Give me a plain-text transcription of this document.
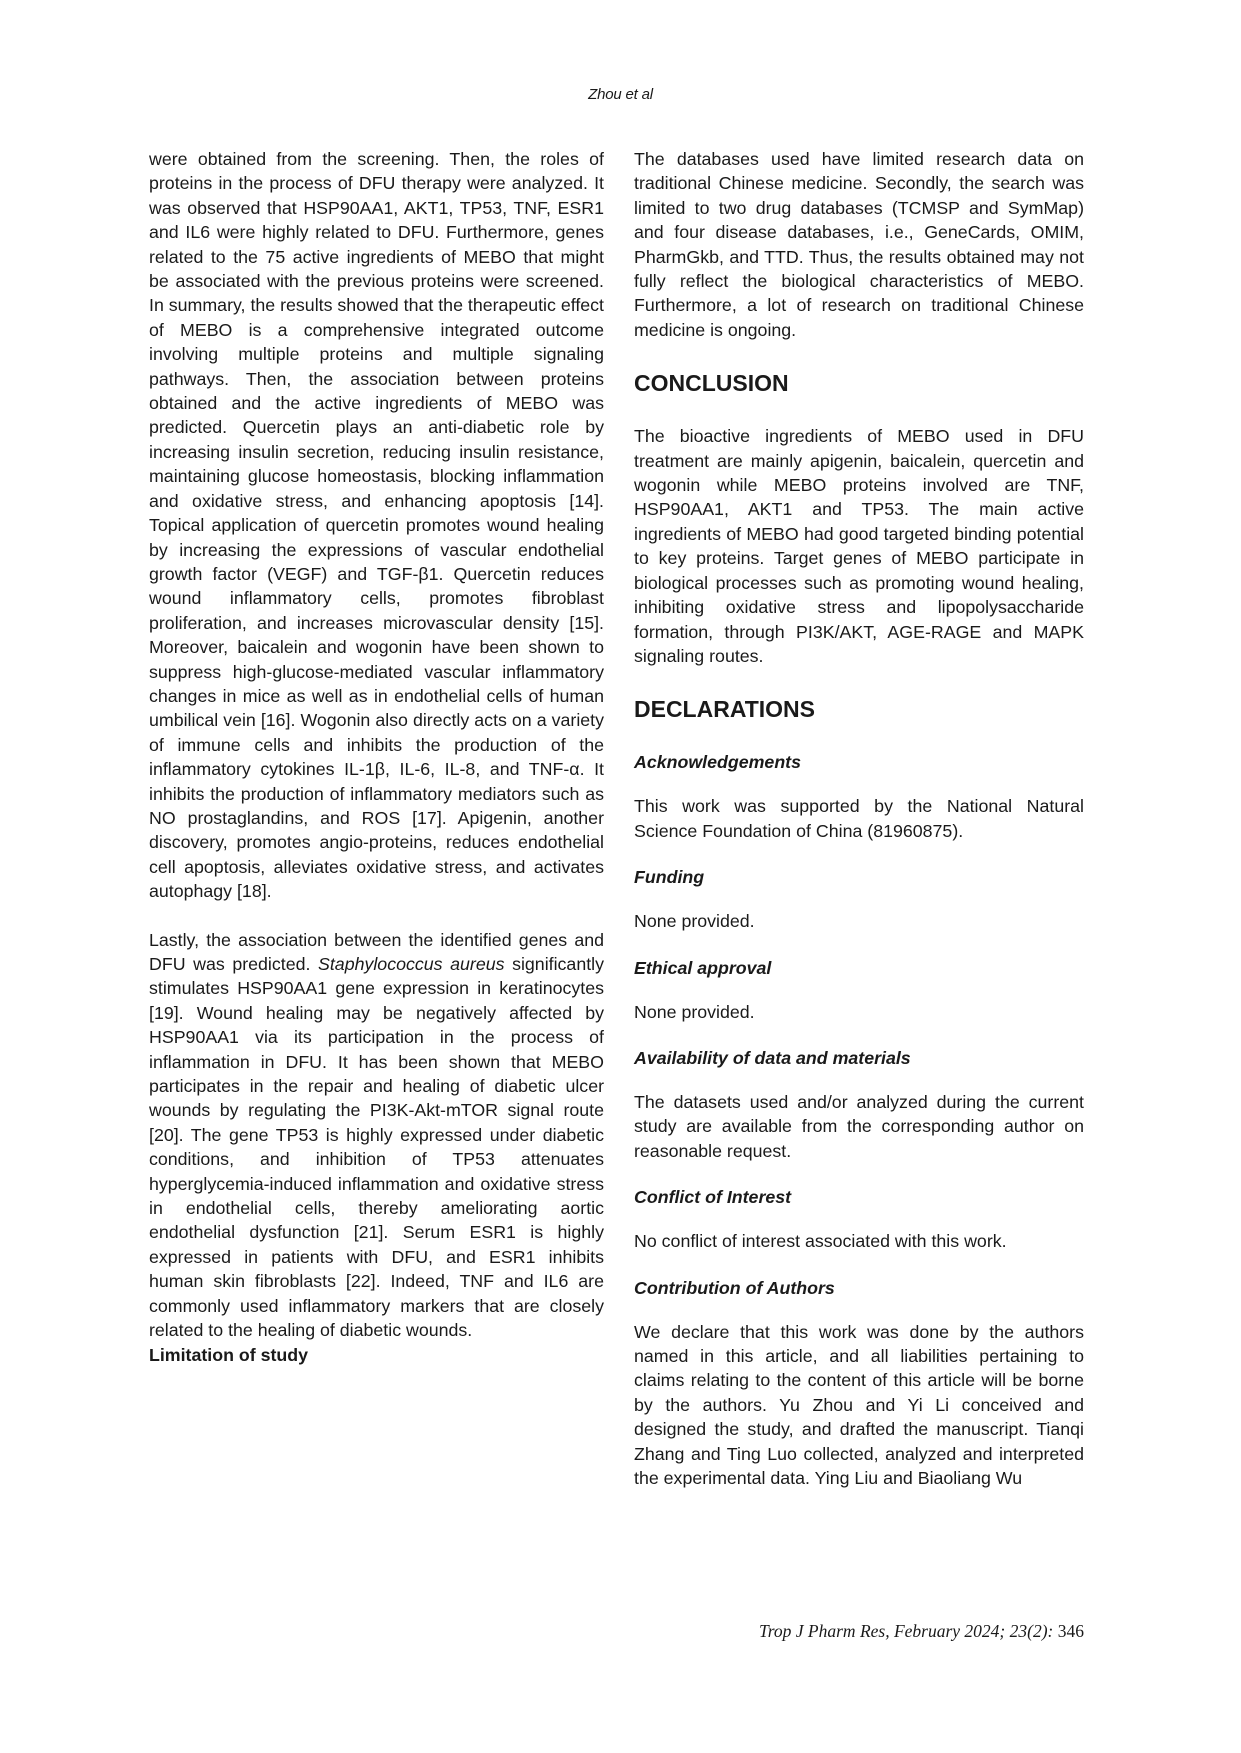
Zhou et al

were obtained from the screening. Then, the roles of proteins in the process of DFU therapy were analyzed. It was observed that HSP90AA1, AKT1, TP53, TNF, ESR1 and IL6 were highly related to DFU. Furthermore, genes related to the 75 active ingredients of MEBO that might be associated with the previous proteins were screened. In summary, the results showed that the therapeutic effect of MEBO is a comprehensive integrated outcome involving multiple proteins and multiple signaling pathways. Then, the association between proteins obtained and the active ingredients of MEBO was predicted. Quercetin plays an anti-diabetic role by increasing insulin secretion, reducing insulin resistance, maintaining glucose homeostasis, blocking inflammation and oxidative stress, and enhancing apoptosis [14]. Topical application of quercetin promotes wound healing by increasing the expressions of vascular endothelial growth factor (VEGF) and TGF-β1. Quercetin reduces wound inflammatory cells, promotes fibroblast proliferation, and increases microvascular density [15]. Moreover, baicalein and wogonin have been shown to suppress high-glucose-mediated vascular inflammatory changes in mice as well as in endothelial cells of human umbilical vein [16]. Wogonin also directly acts on a variety of immune cells and inhibits the production of the inflammatory cytokines IL-1β, IL-6, IL-8, and TNF-α. It inhibits the production of inflammatory mediators such as NO prostaglandins, and ROS [17]. Apigenin, another discovery, promotes angio-proteins, reduces endothelial cell apoptosis, alleviates oxidative stress, and activates autophagy [18].

Lastly, the association between the identified genes and DFU was predicted. Staphylococcus aureus significantly stimulates HSP90AA1 gene expression in keratinocytes [19]. Wound healing may be negatively affected by HSP90AA1 via its participation in the process of inflammation in DFU. It has been shown that MEBO participates in the repair and healing of diabetic ulcer wounds by regulating the PI3K-Akt-mTOR signal route [20]. The gene TP53 is highly expressed under diabetic conditions, and inhibition of TP53 attenuates hyperglycemia-induced inflammation and oxidative stress in endothelial cells, thereby ameliorating aortic endothelial dysfunction [21]. Serum ESR1 is highly expressed in patients with DFU, and ESR1 inhibits human skin fibroblasts [22]. Indeed, TNF and IL6 are commonly used inflammatory markers that are closely related to the healing of diabetic wounds.

Limitation of study

The databases used have limited research data on traditional Chinese medicine. Secondly, the search was limited to two drug databases (TCMSP and SymMap) and four disease databases, i.e., GeneCards, OMIM, PharmGkb, and TTD. Thus, the results obtained may not fully reflect the biological characteristics of MEBO. Furthermore, a lot of research on traditional Chinese medicine is ongoing.

CONCLUSION

The bioactive ingredients of MEBO used in DFU treatment are mainly apigenin, baicalein, quercetin and wogonin while MEBO proteins involved are TNF, HSP90AA1, AKT1 and TP53. The main active ingredients of MEBO had good targeted binding potential to key proteins. Target genes of MEBO participate in biological processes such as promoting wound healing, inhibiting oxidative stress and lipopolysaccharide formation, through PI3K/AKT, AGE-RAGE and MAPK signaling routes.

DECLARATIONS
Acknowledgements

This work was supported by the National Natural Science Foundation of China (81960875).

Funding

None provided.

Ethical approval

None provided.

Availability of data and materials

The datasets used and/or analyzed during the current study are available from the corresponding author on reasonable request.

Conflict of Interest

No conflict of interest associated with this work.

Contribution of Authors

We declare that this work was done by the authors named in this article, and all liabilities pertaining to claims relating to the content of this article will be borne by the authors. Yu Zhou and Yi Li conceived and designed the study, and drafted the manuscript. Tianqi Zhang and Ting Luo collected, analyzed and interpreted the experimental data. Ying Liu and Biaoliang Wu

Trop J Pharm Res, February 2024; 23(2): 346
